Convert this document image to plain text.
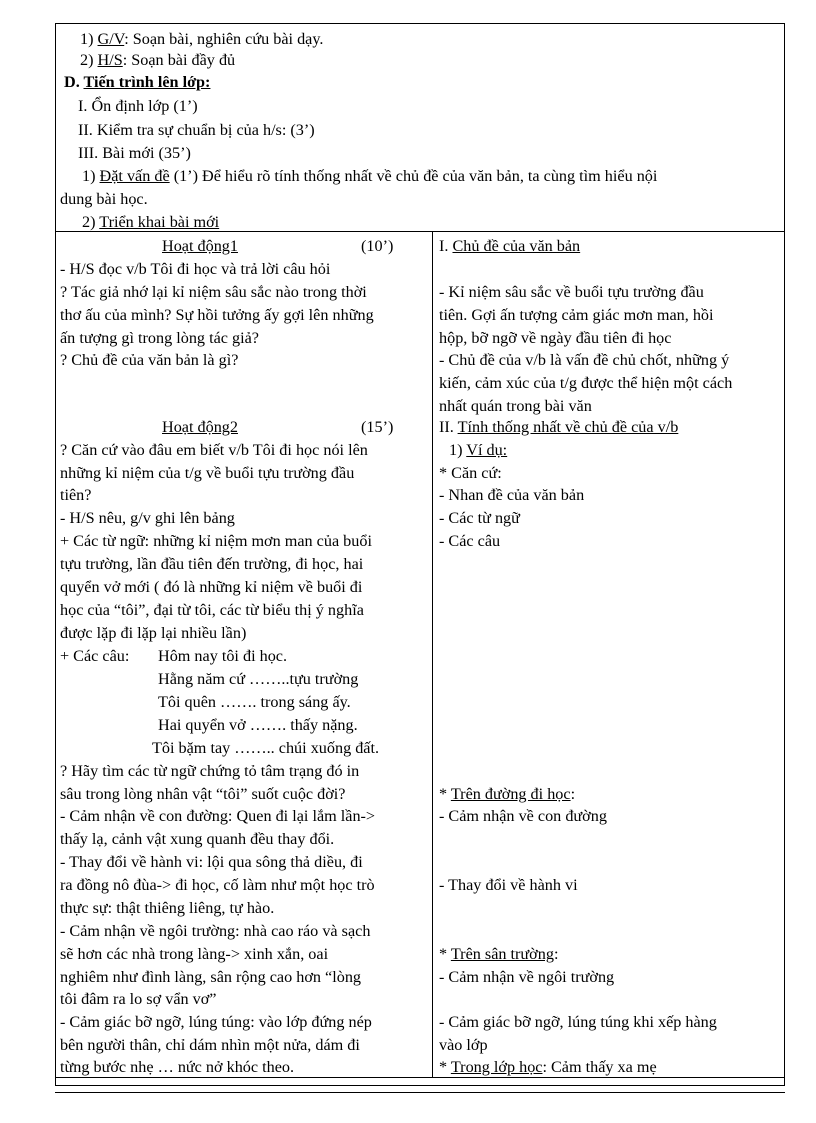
1) G/V: Soạn bài, nghiên cứu bài dạy.
2) H/S: Soạn bài đầy đủ
D. Tiến trình lên lớp:
I. Ổn định lớp (1’)
II. Kiểm tra sự chuẩn bị của h/s: (3’)
III. Bài mới (35’)
1) Đặt vấn đề (1’) Để hiểu rõ tính thống nhất về chủ đề của văn bản, ta cùng tìm hiểu nội
dung bài học.
2) Triển khai bài mới
Hoạt động1	(10’)
- H/S đọc v/b Tôi đi học và trả lời câu hỏi
? Tác giả nhớ lại kỉ niệm sâu sắc nào trong thời
thơ ấu của mình? Sự hồi tưởng ấy gợi lên những
ấn tượng gì trong lòng tác giả?
? Chủ đề của văn bản là gì?
Hoạt động2	(15’)
? Căn cứ vào đâu em biết v/b Tôi đi học nói lên
những kỉ niệm của t/g về buổi tựu trường đầu
tiên?
- H/S nêu, g/v ghi lên bảng
+ Các từ ngữ: những kỉ niệm mơn man của buổi
tựu trường, lần đầu tiên đến trường, đi học, hai
quyển vở mới ( đó là những kỉ niệm về buổi đi
học của “tôi”, đại từ tôi, các từ biểu thị ý nghĩa
được lặp đi lặp lại nhiều lần)
+ Các câu: Hôm nay tôi đi học.
Hằng năm cứ ……..tựu trường
Tôi quên ……. trong sáng ấy.
Hai quyển vở ……. thấy nặng.
Tôi bặm tay …….. chúi xuống đất.
? Hãy tìm các từ ngữ chứng tỏ tâm trạng đó in
sâu trong lòng nhân vật “tôi” suốt cuộc đời?
- Cảm nhận về con đường: Quen đi lại lắm lần->
thấy lạ, cảnh vật xung quanh đều thay đổi.
- Thay đổi về hành vi: lội qua sông thả diều, đi
ra đồng nô đùa-> đi học, cố làm như một học trò
thực sự: thật thiêng liêng, tự hào.
- Cảm nhận về ngôi trường: nhà cao ráo và sạch
sẽ hơn các nhà trong làng-> xinh xắn, oai
nghiêm như đình làng, sân rộng cao hơn “lòng
tôi đâm ra lo sợ vẩn vơ”
- Cảm giác bỡ ngỡ, lúng túng: vào lớp đứng nép
bên người thân, chỉ dám nhìn một nửa, dám đi
từng bước nhẹ … nức nở khóc theo.
I. Chủ đề của văn bản
- Kỉ niệm sâu sắc về buổi tựu trường đầu
tiên. Gợi ấn tượng cảm giác mơn man, hồi
hộp, bỡ ngỡ về ngày đầu tiên đi học
- Chủ đề của v/b là vấn đề chủ chốt, những ý
kiến, cảm xúc của t/g được thể hiện một cách
nhất quán trong bài văn
II. Tính thống nhất về chủ đề của v/b
1) Ví dụ:
* Căn cứ:
- Nhan đề của văn bản
- Các từ ngữ
- Các câu
* Trên đường đi học:
- Cảm nhận về con đường
- Thay đổi về hành vi
* Trên sân trường:
- Cảm nhận về ngôi trường
- Cảm giác bỡ ngỡ, lúng túng khi xếp hàng
vào lớp
* Trong lớp học: Cảm thấy xa mẹ
